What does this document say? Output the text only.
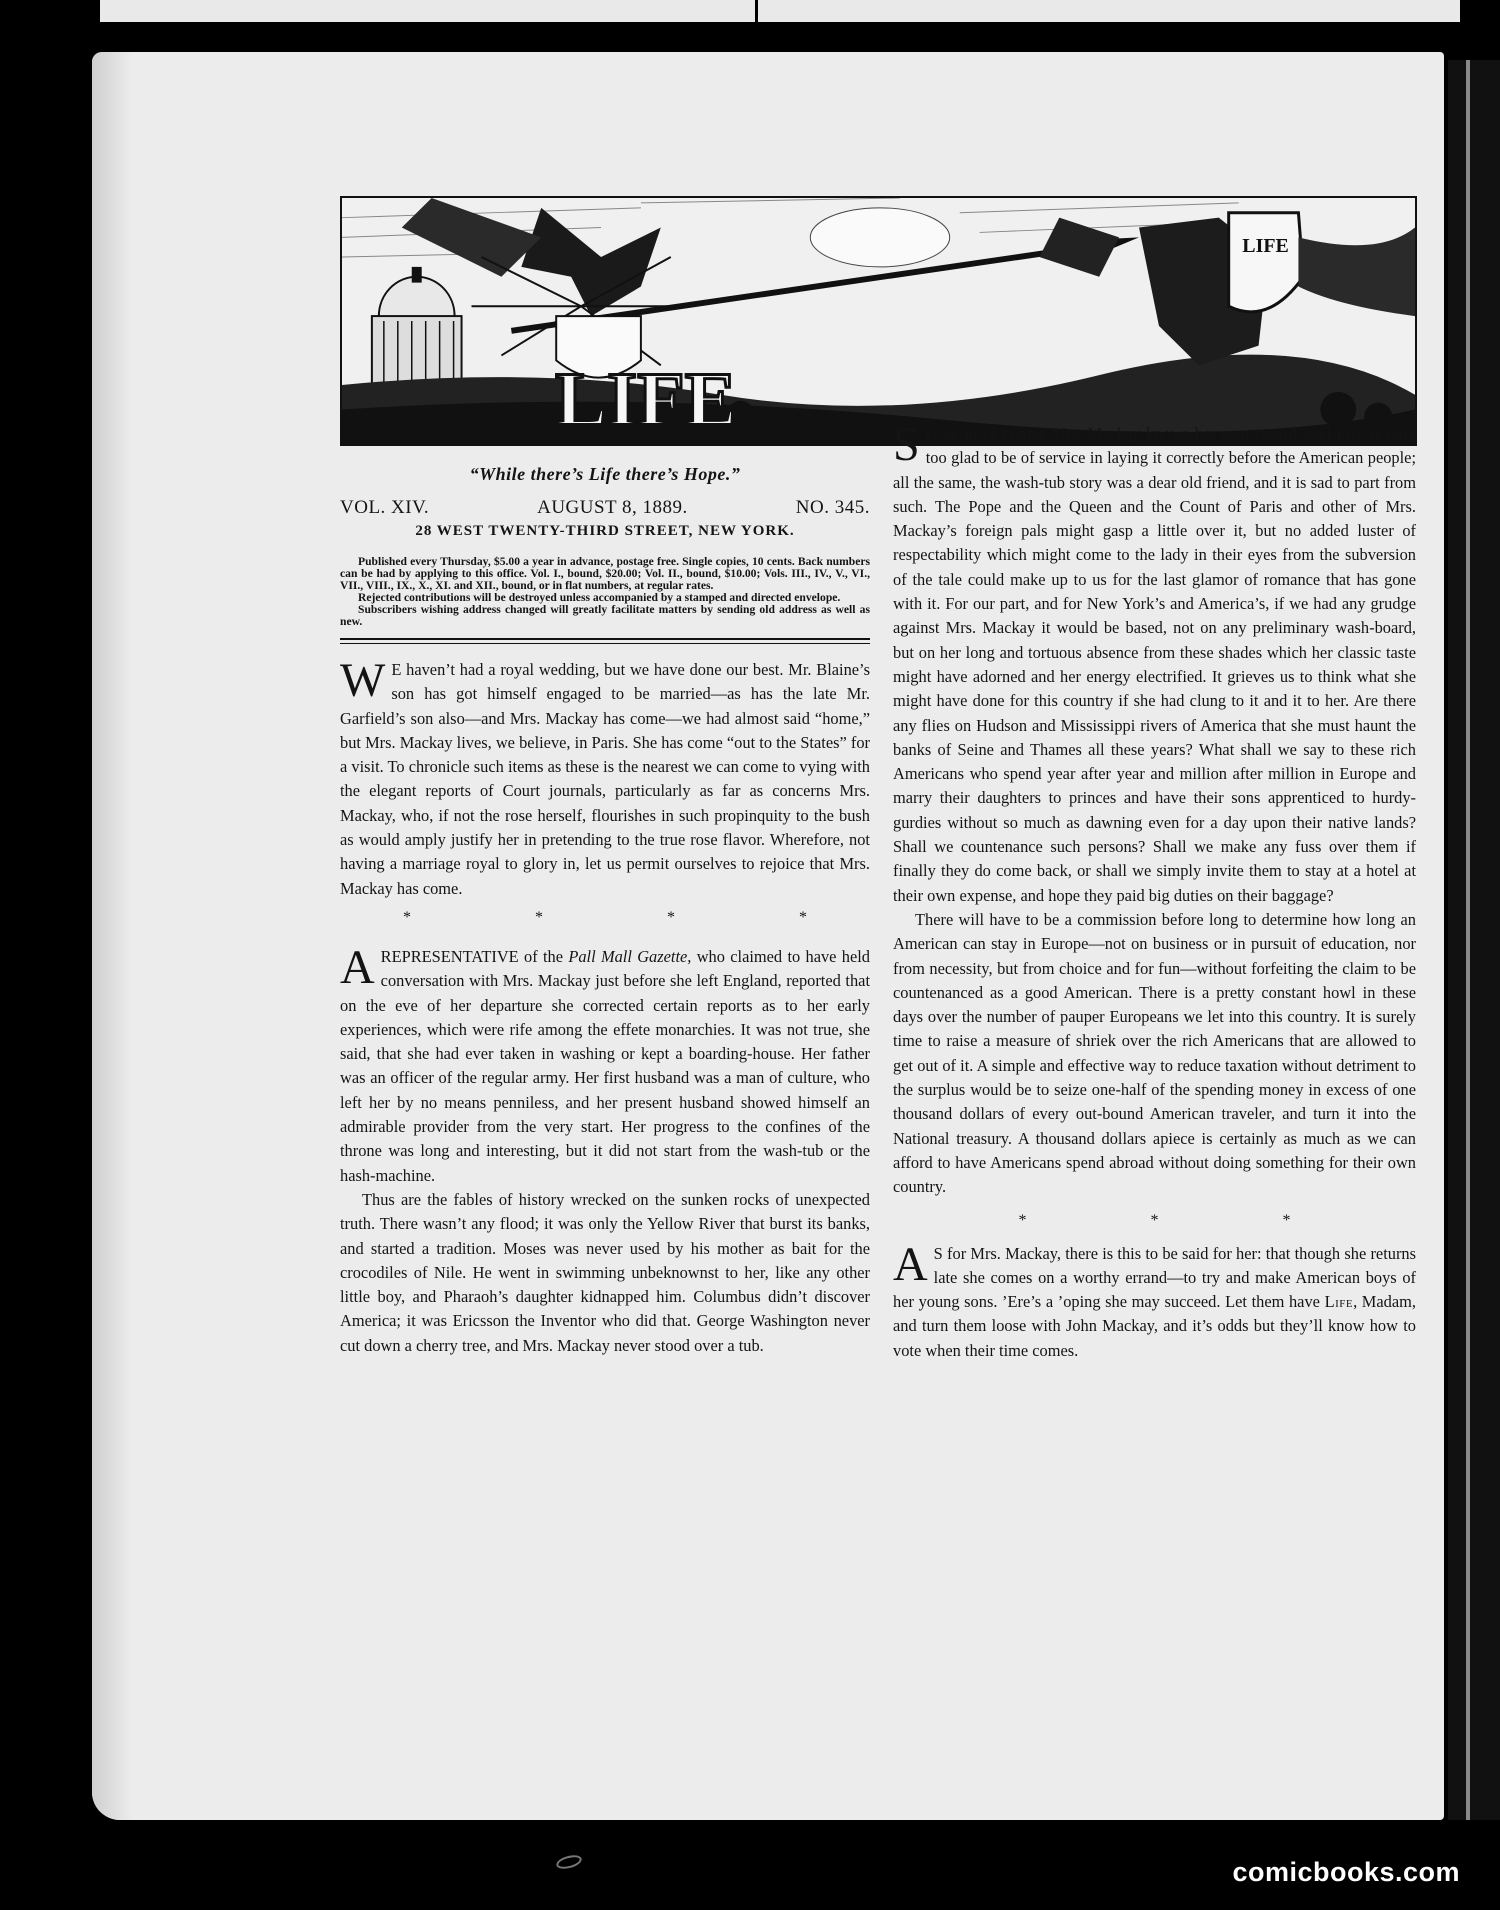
LIFE
LIFE
“While there’s Life there’s Hope.”
VOL. XIV.	AUGUST 8, 1889.	NO. 345.
28 WEST TWENTY-THIRD STREET, NEW YORK.

Published every Thursday, $5.00 a year in advance, postage free. Single copies, 10 cents. Back numbers can be had by applying to this office. Vol. I., bound, $20.00; Vol. II., bound, $10.00; Vols. III., IV., V., VI., VII., VIII., IX., X., XI. and XII., bound, or in flat numbers, at regular rates.

Rejected contributions will be destroyed unless accompanied by a stamped and directed envelope.

Subscribers wishing address changed will greatly facilitate matters by sending old address as well as new.

W E haven’t had a royal wedding, but we have done our best. Mr. Blaine’s son has got himself engaged to be married—as has the late Mr. Garfield’s son also—and Mrs. Mackay has come—we had almost said “home,” but Mrs. Mackay lives, we believe, in Paris. She has come “out to the States” for a visit. To chronicle such items as these is the nearest we can come to vying with the elegant reports of Court journals, particularly as far as concerns Mrs. Mackay, who, if not the rose herself, flourishes in such propinquity to the bush as would amply justify her in pretending to the true rose flavor. Wherefore, not having a marriage royal to glory in, let us permit ourselves to rejoice that Mrs. Mackay has come.

* * * *

AREPRESENTATIVE of the Pall Mall Gazette, who claimed to have held conversation with Mrs. Mackay just before she left England, reported that on the eve of her departure she corrected certain reports as to her early experiences, which were rife among the effete monarchies. It was not true, she said, that she had ever taken in washing or kept a boarding-house. Her father was an officer of the regular army. Her first husband was a man of culture, who left her by no means penniless, and her present husband showed himself an admirable provider from the very start. Her progress to the confines of the throne was long and interesting, but it did not start from the wash-tub or the hash-machine.

Thus are the fables of history wrecked on the sunken rocks of unexpected truth. There wasn’t any flood; it was only the Yellow River that burst its banks, and started a tradition. Moses was never used by his mother as bait for the crocodiles of Nile. He went in swimming unbeknownst to her, like any other little boy, and Pharaoh’s daughter kidnapped him. Columbus didn’t discover America; it was Ericsson the Inventor who did that. George Washington never cut down a cherry tree, and Mrs. Mackay never stood over a tub.

S O be it; of course Mrs. Mackay knows her own record, and Life is only too glad to be of service in laying it correctly before the American people; all the same, the wash-tub story was a dear old friend, and it is sad to part from such. The Pope and the Queen and the Count of Paris and other of Mrs. Mackay’s foreign pals might gasp a little over it, but no added luster of respectability which might come to the lady in their eyes from the subversion of the tale could make up to us for the last glamor of romance that has gone with it. For our part, and for New York’s and America’s, if we had any grudge against Mrs. Mackay it would be based, not on any preliminary wash-board, but on her long and tortuous absence from these shades which her classic taste might have adorned and her energy electrified. It grieves us to think what she might have done for this country if she had clung to it and it to her. Are there any flies on Hudson and Mississippi rivers of America that she must haunt the banks of Seine and Thames all these years? What shall we say to these rich Americans who spend year after year and million after million in Europe and marry their daughters to princes and have their sons apprenticed to hurdy-gurdies without so much as dawning even for a day upon their native lands? Shall we countenance such persons? Shall we make any fuss over them if finally they do come back, or shall we simply invite them to stay at a hotel at their own expense, and hope they paid big duties on their baggage?

There will have to be a commission before long to determine how long an American can stay in Europe—not on business or in pursuit of education, nor from necessity, but from choice and for fun—without forfeiting the claim to be countenanced as a good American. There is a pretty constant howl in these days over the number of pauper Europeans we let into this country. It is surely time to raise a measure of shriek over the rich Americans that are allowed to get out of it. A simple and effective way to reduce taxation without detriment to the surplus would be to seize one-half of the spending money in excess of one thousand dollars of every out-bound American traveler, and turn it into the National treasury. A thousand dollars apiece is certainly as much as we can afford to have Americans spend abroad without doing something for their own country.

* * *

A S for Mrs. Mackay, there is this to be said for her: that though she returns late she comes on a worthy errand—to try and make American boys of her young sons. ’Ere’s a ’oping she may succeed. Let them have Life, Madam, and turn them loose with John Mackay, and it’s odds but they’ll know how to vote when their time comes.

comicbooks.com
